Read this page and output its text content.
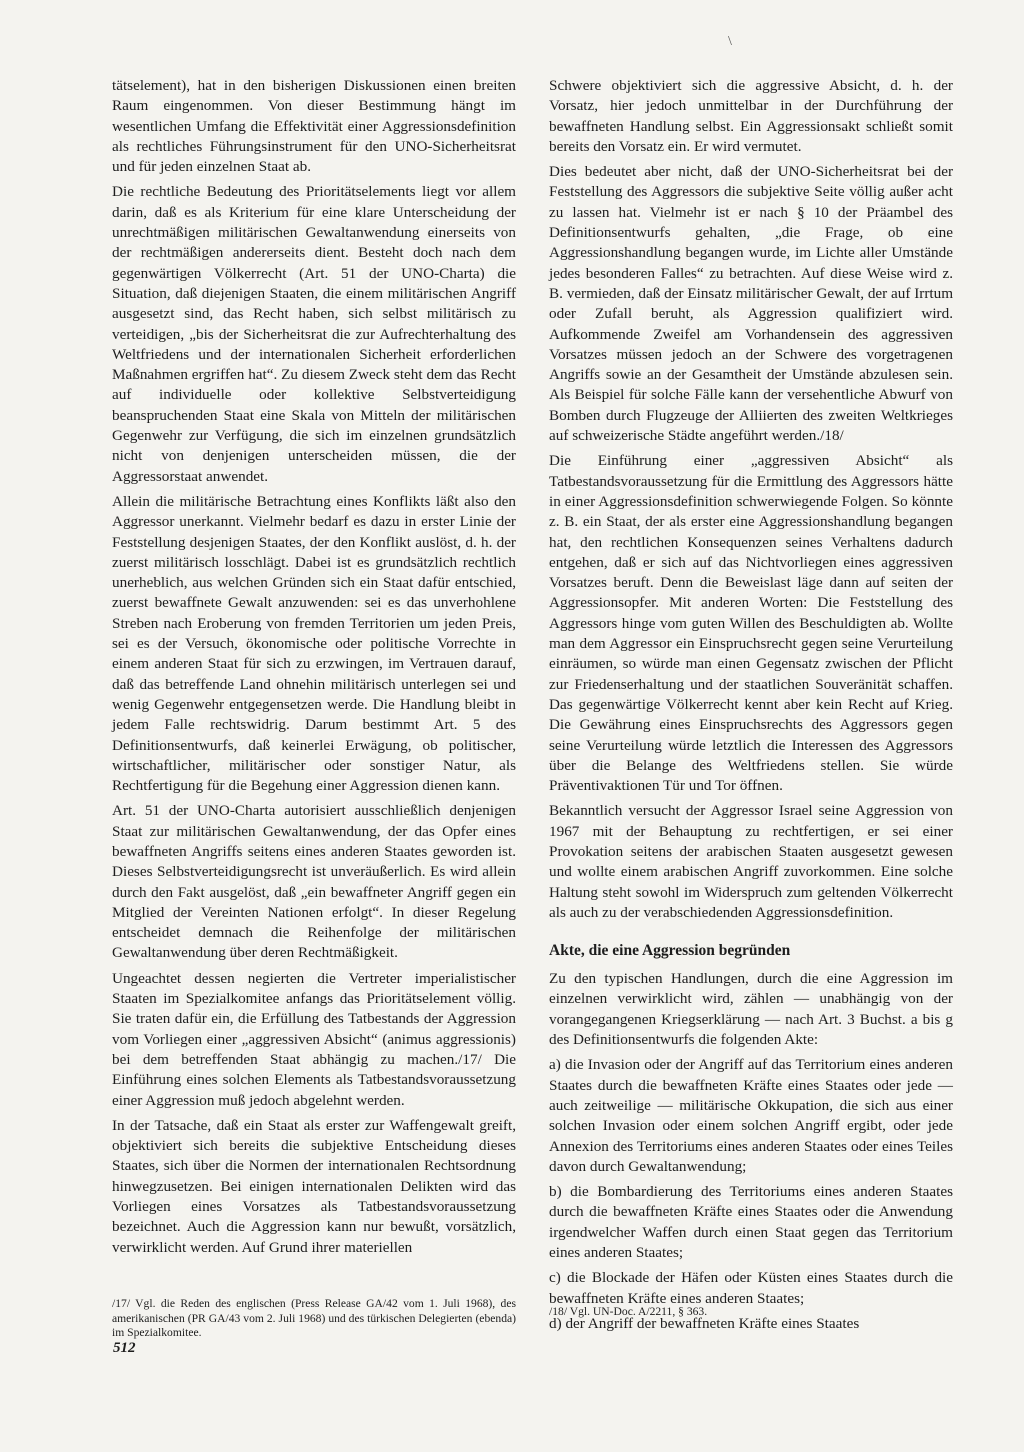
\

tätselement), hat in den bisherigen Diskussionen einen breiten Raum eingenommen. Von dieser Bestimmung hängt im wesentlichen Umfang die Effektivität einer Aggressionsdefinition als rechtliches Führungsinstrument für den UNO-Sicherheitsrat und für jeden einzelnen Staat ab.

Die rechtliche Bedeutung des Prioritätselements liegt vor allem darin, daß es als Kriterium für eine klare Unterscheidung der unrechtmäßigen militärischen Gewaltanwendung einerseits von der rechtmäßigen andererseits dient. Besteht doch nach dem gegenwärtigen Völkerrecht (Art. 51 der UNO-Charta) die Situation, daß diejenigen Staaten, die einem militärischen Angriff ausgesetzt sind, das Recht haben, sich selbst militärisch zu verteidigen, „bis der Sicherheitsrat die zur Aufrechterhaltung des Weltfriedens und der internationalen Sicherheit erforderlichen Maßnahmen ergriffen hat“. Zu diesem Zweck steht dem das Recht auf individuelle oder kollektive Selbstverteidigung beanspruchenden Staat eine Skala von Mitteln der militärischen Gegenwehr zur Verfügung, die sich im einzelnen grundsätzlich nicht von denjenigen unterscheiden müssen, die der Aggressorstaat anwendet.

Allein die militärische Betrachtung eines Konflikts läßt also den Aggressor unerkannt. Vielmehr bedarf es dazu in erster Linie der Feststellung desjenigen Staates, der den Konflikt auslöst, d. h. der zuerst militärisch losschlägt. Dabei ist es grundsätzlich rechtlich unerheblich, aus welchen Gründen sich ein Staat dafür entschied, zuerst bewaffnete Gewalt anzuwenden: sei es das unverhohlene Streben nach Eroberung von fremden Territorien um jeden Preis, sei es der Versuch, ökonomische oder politische Vorrechte in einem anderen Staat für sich zu erzwingen, im Vertrauen darauf, daß das betreffende Land ohnehin militärisch unterlegen sei und wenig Gegenwehr entgegensetzen werde. Die Handlung bleibt in jedem Falle rechtswidrig. Darum bestimmt Art. 5 des Definitionsentwurfs, daß keinerlei Erwägung, ob politischer, wirtschaftlicher, militärischer oder sonstiger Natur, als Rechtfertigung für die Begehung einer Aggression dienen kann.

Art. 51 der UNO-Charta autorisiert ausschließlich denjenigen Staat zur militärischen Gewaltanwendung, der das Opfer eines bewaffneten Angriffs seitens eines anderen Staates geworden ist. Dieses Selbstverteidigungsrecht ist unveräußerlich. Es wird allein durch den Fakt ausgelöst, daß „ein bewaffneter Angriff gegen ein Mitglied der Vereinten Nationen erfolgt“. In dieser Regelung entscheidet demnach die Reihenfolge der militärischen Gewaltanwendung über deren Rechtmäßigkeit.

Ungeachtet dessen negierten die Vertreter imperialistischer Staaten im Spezialkomitee anfangs das Prioritätselement völlig. Sie traten dafür ein, die Erfüllung des Tatbestands der Aggression vom Vorliegen einer „aggressiven Absicht“ (animus aggressionis) bei dem betreffenden Staat abhängig zu machen./17/ Die Einführung eines solchen Elements als Tatbestandsvoraussetzung einer Aggression muß jedoch abgelehnt werden.

In der Tatsache, daß ein Staat als erster zur Waffengewalt greift, objektiviert sich bereits die subjektive Entscheidung dieses Staates, sich über die Normen der internationalen Rechtsordnung hinwegzusetzen. Bei einigen internationalen Delikten wird das Vorliegen eines Vorsatzes als Tatbestandsvoraussetzung bezeichnet. Auch die Aggression kann nur bewußt, vorsätzlich, verwirklicht werden. Auf Grund ihrer materiellen

Schwere objektiviert sich die aggressive Absicht, d. h. der Vorsatz, hier jedoch unmittelbar in der Durchführung der bewaffneten Handlung selbst. Ein Aggressionsakt schließt somit bereits den Vorsatz ein. Er wird vermutet.

Dies bedeutet aber nicht, daß der UNO-Sicherheitsrat bei der Feststellung des Aggressors die subjektive Seite völlig außer acht zu lassen hat. Vielmehr ist er nach § 10 der Präambel des Definitionsentwurfs gehalten, „die Frage, ob eine Aggressionshandlung begangen wurde, im Lichte aller Umstände jedes besonderen Falles“ zu betrachten. Auf diese Weise wird z. B. vermieden, daß der Einsatz militärischer Gewalt, der auf Irrtum oder Zufall beruht, als Aggression qualifiziert wird. Aufkommende Zweifel am Vorhandensein des aggressiven Vorsatzes müssen jedoch an der Schwere des vorgetragenen Angriffs sowie an der Gesamtheit der Umstände abzulesen sein. Als Beispiel für solche Fälle kann der versehentliche Abwurf von Bomben durch Flugzeuge der Alliierten des zweiten Weltkrieges auf schweizerische Städte angeführt werden./18/

Die Einführung einer „aggressiven Absicht“ als Tatbestandsvoraussetzung für die Ermittlung des Aggressors hätte in einer Aggressionsdefinition schwerwiegende Folgen. So könnte z. B. ein Staat, der als erster eine Aggressionshandlung begangen hat, den rechtlichen Konsequenzen seines Verhaltens dadurch entgehen, daß er sich auf das Nichtvorliegen eines aggressiven Vorsatzes beruft. Denn die Beweislast läge dann auf seiten der Aggressionsopfer. Mit anderen Worten: Die Feststellung des Aggressors hinge vom guten Willen des Beschuldigten ab. Wollte man dem Aggressor ein Einspruchsrecht gegen seine Verurteilung einräumen, so würde man einen Gegensatz zwischen der Pflicht zur Friedenserhaltung und der staatlichen Souveränität schaffen. Das gegenwärtige Völkerrecht kennt aber kein Recht auf Krieg. Die Gewährung eines Einspruchsrechts des Aggressors gegen seine Verurteilung würde letztlich die Interessen des Aggressors über die Belange des Weltfriedens stellen. Sie würde Präventivaktionen Tür und Tor öffnen.

Bekanntlich versucht der Aggressor Israel seine Aggression von 1967 mit der Behauptung zu rechtfertigen, er sei einer Provokation seitens der arabischen Staaten ausgesetzt gewesen und wollte einem arabischen Angriff zuvorkommen. Eine solche Haltung steht sowohl im Widerspruch zum geltenden Völkerrecht als auch zu der verabschiedenden Aggressionsdefinition.

Akte, die eine Aggression begründen

Zu den typischen Handlungen, durch die eine Aggression im einzelnen verwirklicht wird, zählen — unabhängig von der vorangegangenen Kriegserklärung — nach Art. 3 Buchst. a bis g des Definitionsentwurfs die folgenden Akte:

a) die Invasion oder der Angriff auf das Territorium eines anderen Staates durch die bewaffneten Kräfte eines Staates oder jede — auch zeitweilige — militärische Okkupation, die sich aus einer solchen Invasion oder einem solchen Angriff ergibt, oder jede Annexion des Territoriums eines anderen Staates oder eines Teiles davon durch Gewaltanwendung;

b) die Bombardierung des Territoriums eines anderen Staates durch die bewaffneten Kräfte eines Staates oder die Anwendung irgendwelcher Waffen durch einen Staat gegen das Territorium eines anderen Staates;

c) die Blockade der Häfen oder Küsten eines Staates durch die bewaffneten Kräfte eines anderen Staates;

d) der Angriff der bewaffneten Kräfte eines Staates

/17/ Vgl. die Reden des englischen (Press Release GA/42 vom 1. Juli 1968), des amerikanischen (PR GA/43 vom 2. Juli 1968) und des türkischen Delegierten (ebenda) im Spezialkomitee.
/18/ Vgl. UN-Doc. A/2211, § 363.
512
